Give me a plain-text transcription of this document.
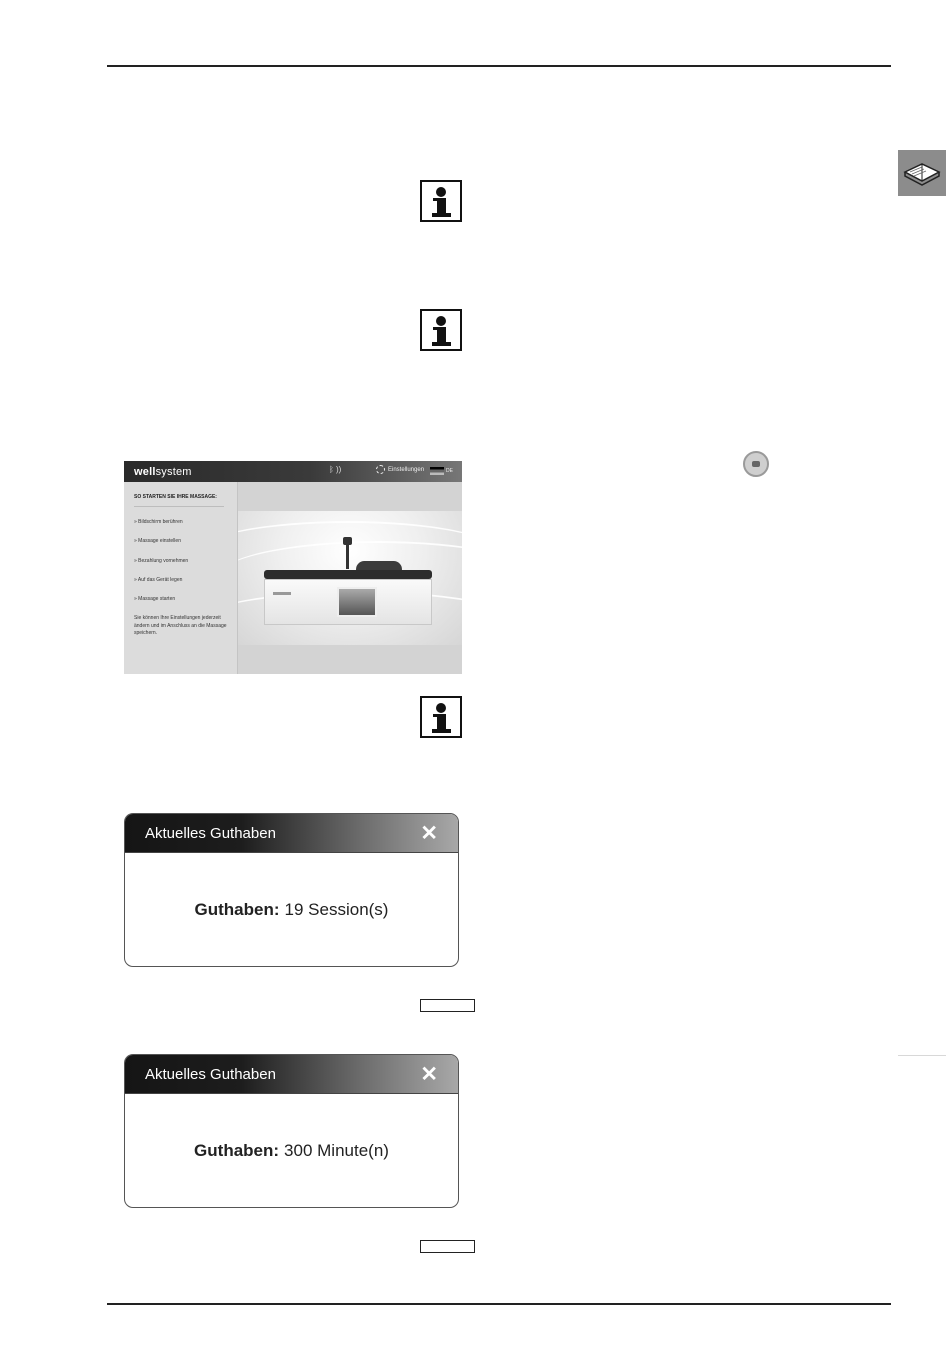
wellsystem	ᛒ ))	Einstellungen	DE
SO STARTEN SIE IHRE MASSAGE:
» Bildschirm berühren
» Massage einstellen
» Bezahlung vornehmen
» Auf das Gerät legen
» Massage starten
Sie können Ihre Einstellungen jederzeit ändern und im Anschluss an die Massage speichern.
Aktuelles Guthaben	✕
Guthaben: 19 Session(s)
Aktuelles Guthaben	✕
Guthaben: 300 Minute(n)
